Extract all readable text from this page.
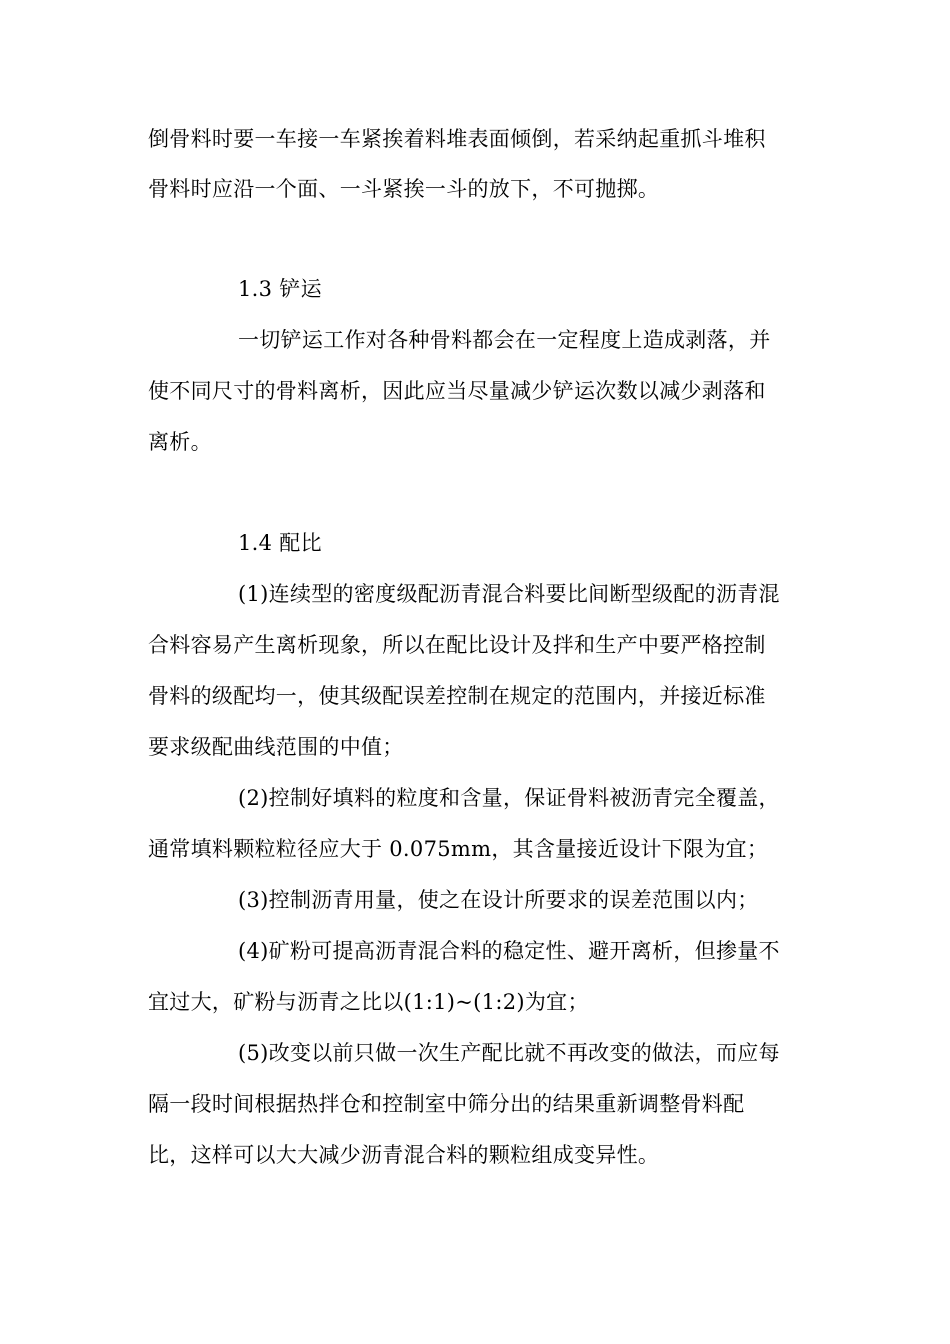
倒骨料时要一车接一车紧挨着料堆表面倾倒，若采纳起重抓斗堆积
骨料时应沿一个面、一斗紧挨一斗的放下，不可抛掷。
1.3 铲运
一切铲运工作对各种骨料都会在一定程度上造成剥落，并
使不同尺寸的骨料离析，因此应当尽量减少铲运次数以减少剥落和
离析。
1.4 配比
(1)连续型的密度级配沥青混合料要比间断型级配的沥青混
合料容易产生离析现象，所以在配比设计及拌和生产中要严格控制
骨料的级配均一，使其级配误差控制在规定的范围内，并接近标准
要求级配曲线范围的中值；
(2)控制好填料的粒度和含量，保证骨料被沥青完全覆盖，
通常填料颗粒粒径应大于 0.075mm，其含量接近设计下限为宜；
(3)控制沥青用量，使之在设计所要求的误差范围以内；
(4)矿粉可提高沥青混合料的稳定性、避开离析，但掺量不
宜过大，矿粉与沥青之比以(1:1)~(1:2)为宜；
(5)改变以前只做一次生产配比就不再改变的做法，而应每
隔一段时间根据热拌仓和控制室中筛分出的结果重新调整骨料配
比，这样可以大大减少沥青混合料的颗粒组成变异性。
